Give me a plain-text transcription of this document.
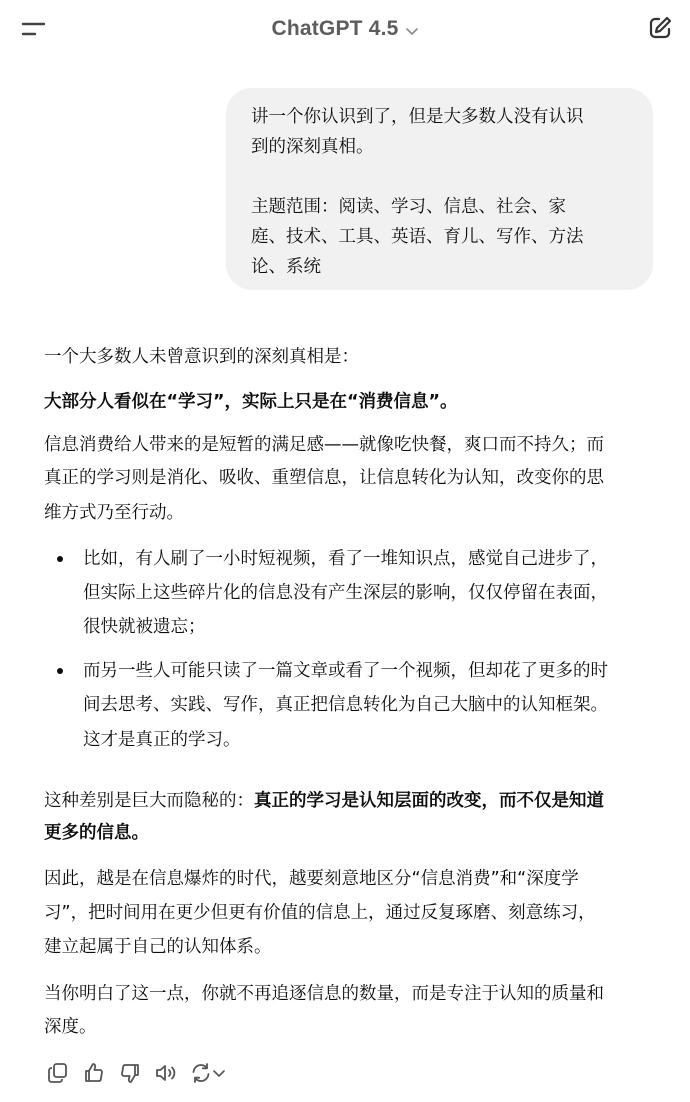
ChatGPT 4.5

讲一个你认识到了，但是大多数人没有认识

到的深刻真相。

主题范围：阅读、学习、信息、社会、家

庭、技术、工具、英语、育儿、写作、方法

论、系统

一个大多数人未曾意识到的深刻真相是：
大部分人看似在“学习”，实际上只是在“消费信息”。
信息消费给人带来的是短暂的满足感——就像吃快餐，爽口而不持久；而
真正的学习则是消化、吸收、重塑信息，让信息转化为认知，改变你的思
维方式乃至行动。
比如，有人刷了一小时短视频，看了一堆知识点，感觉自己进步了，
但实际上这些碎片化的信息没有产生深层的影响，仅仅停留在表面，
很快就被遗忘；
而另一些人可能只读了一篇文章或看了一个视频，但却花了更多的时
间去思考、实践、写作，真正把信息转化为自己大脑中的认知框架。
这才是真正的学习。
这种差别是巨大而隐秘的：真正的学习是认知层面的改变，而不仅是知道
更多的信息。
因此，越是在信息爆炸的时代，越要刻意地区分“信息消费”和“深度学
习”，把时间用在更少但更有价值的信息上，通过反复琢磨、刻意练习，
建立起属于自己的认知体系。
当你明白了这一点，你就不再追逐信息的数量，而是专注于认知的质量和
深度。
